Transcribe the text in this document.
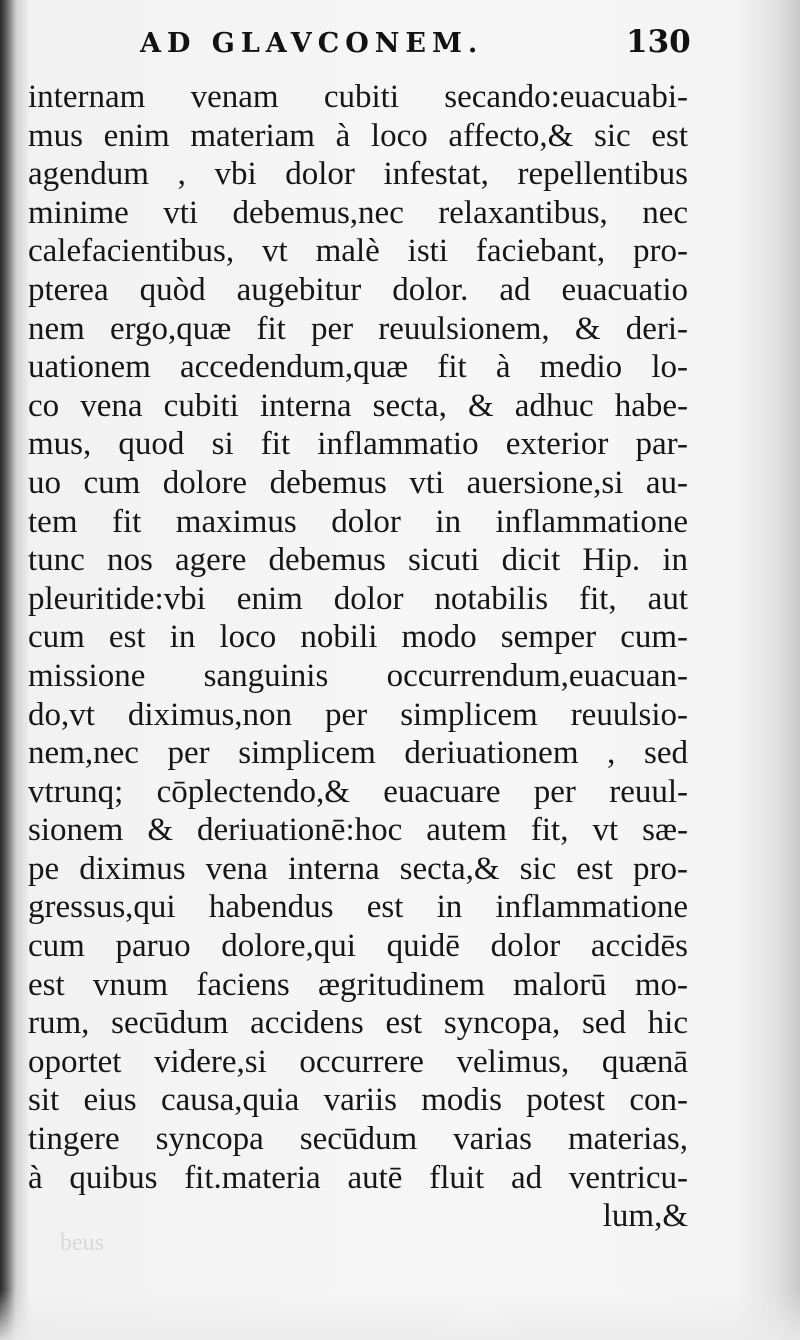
AD GLAVCONEM.	130
internam venam cubiti secando:euacuabi-
mus enim materiam à loco affecto,& sic est
agendum , vbi dolor infestat, repellentibus
minime vti debemus,nec relaxantibus, nec
calefacientibus, vt malè isti faciebant, pro-
pterea quòd augebitur dolor. ad euacuatio
nem ergo,quæ fit per reuulsionem, & deri-
uationem accedendum,quæ fit à medio lo-
co vena cubiti interna secta, & adhuc habe-
mus, quod si fit inflammatio exterior par-
uo cum dolore debemus vti auersione,si au-
tem fit maximus dolor in inflammatione
tunc nos agere debemus sicuti dicit Hip. in
pleuritide:vbi enim dolor notabilis fit, aut
cum est in loco nobili modo semper cum-
missione sanguinis occurrendum,euacuan-
do,vt diximus,non per simplicem reuulsio-
nem,nec per simplicem deriuationem , sed
vtrunq; cōplectendo,& euacuare per reuul-
sionem & deriuationē:hoc autem fit, vt sæ-
pe diximus vena interna secta,& sic est pro-
gressus,qui habendus est in inflammatione
cum paruo dolore,qui quidē dolor accidēs
est vnum faciens ægritudinem malorū mo-
rum, secūdum accidens est syncopa, sed hic
oportet videre,si occurrere velimus, quænā
sit eius causa,quia variis modis potest con-
tingere syncopa secūdum varias materias,
à quibus fit.materia autē fluit ad ventricu-
lum,&
beus
